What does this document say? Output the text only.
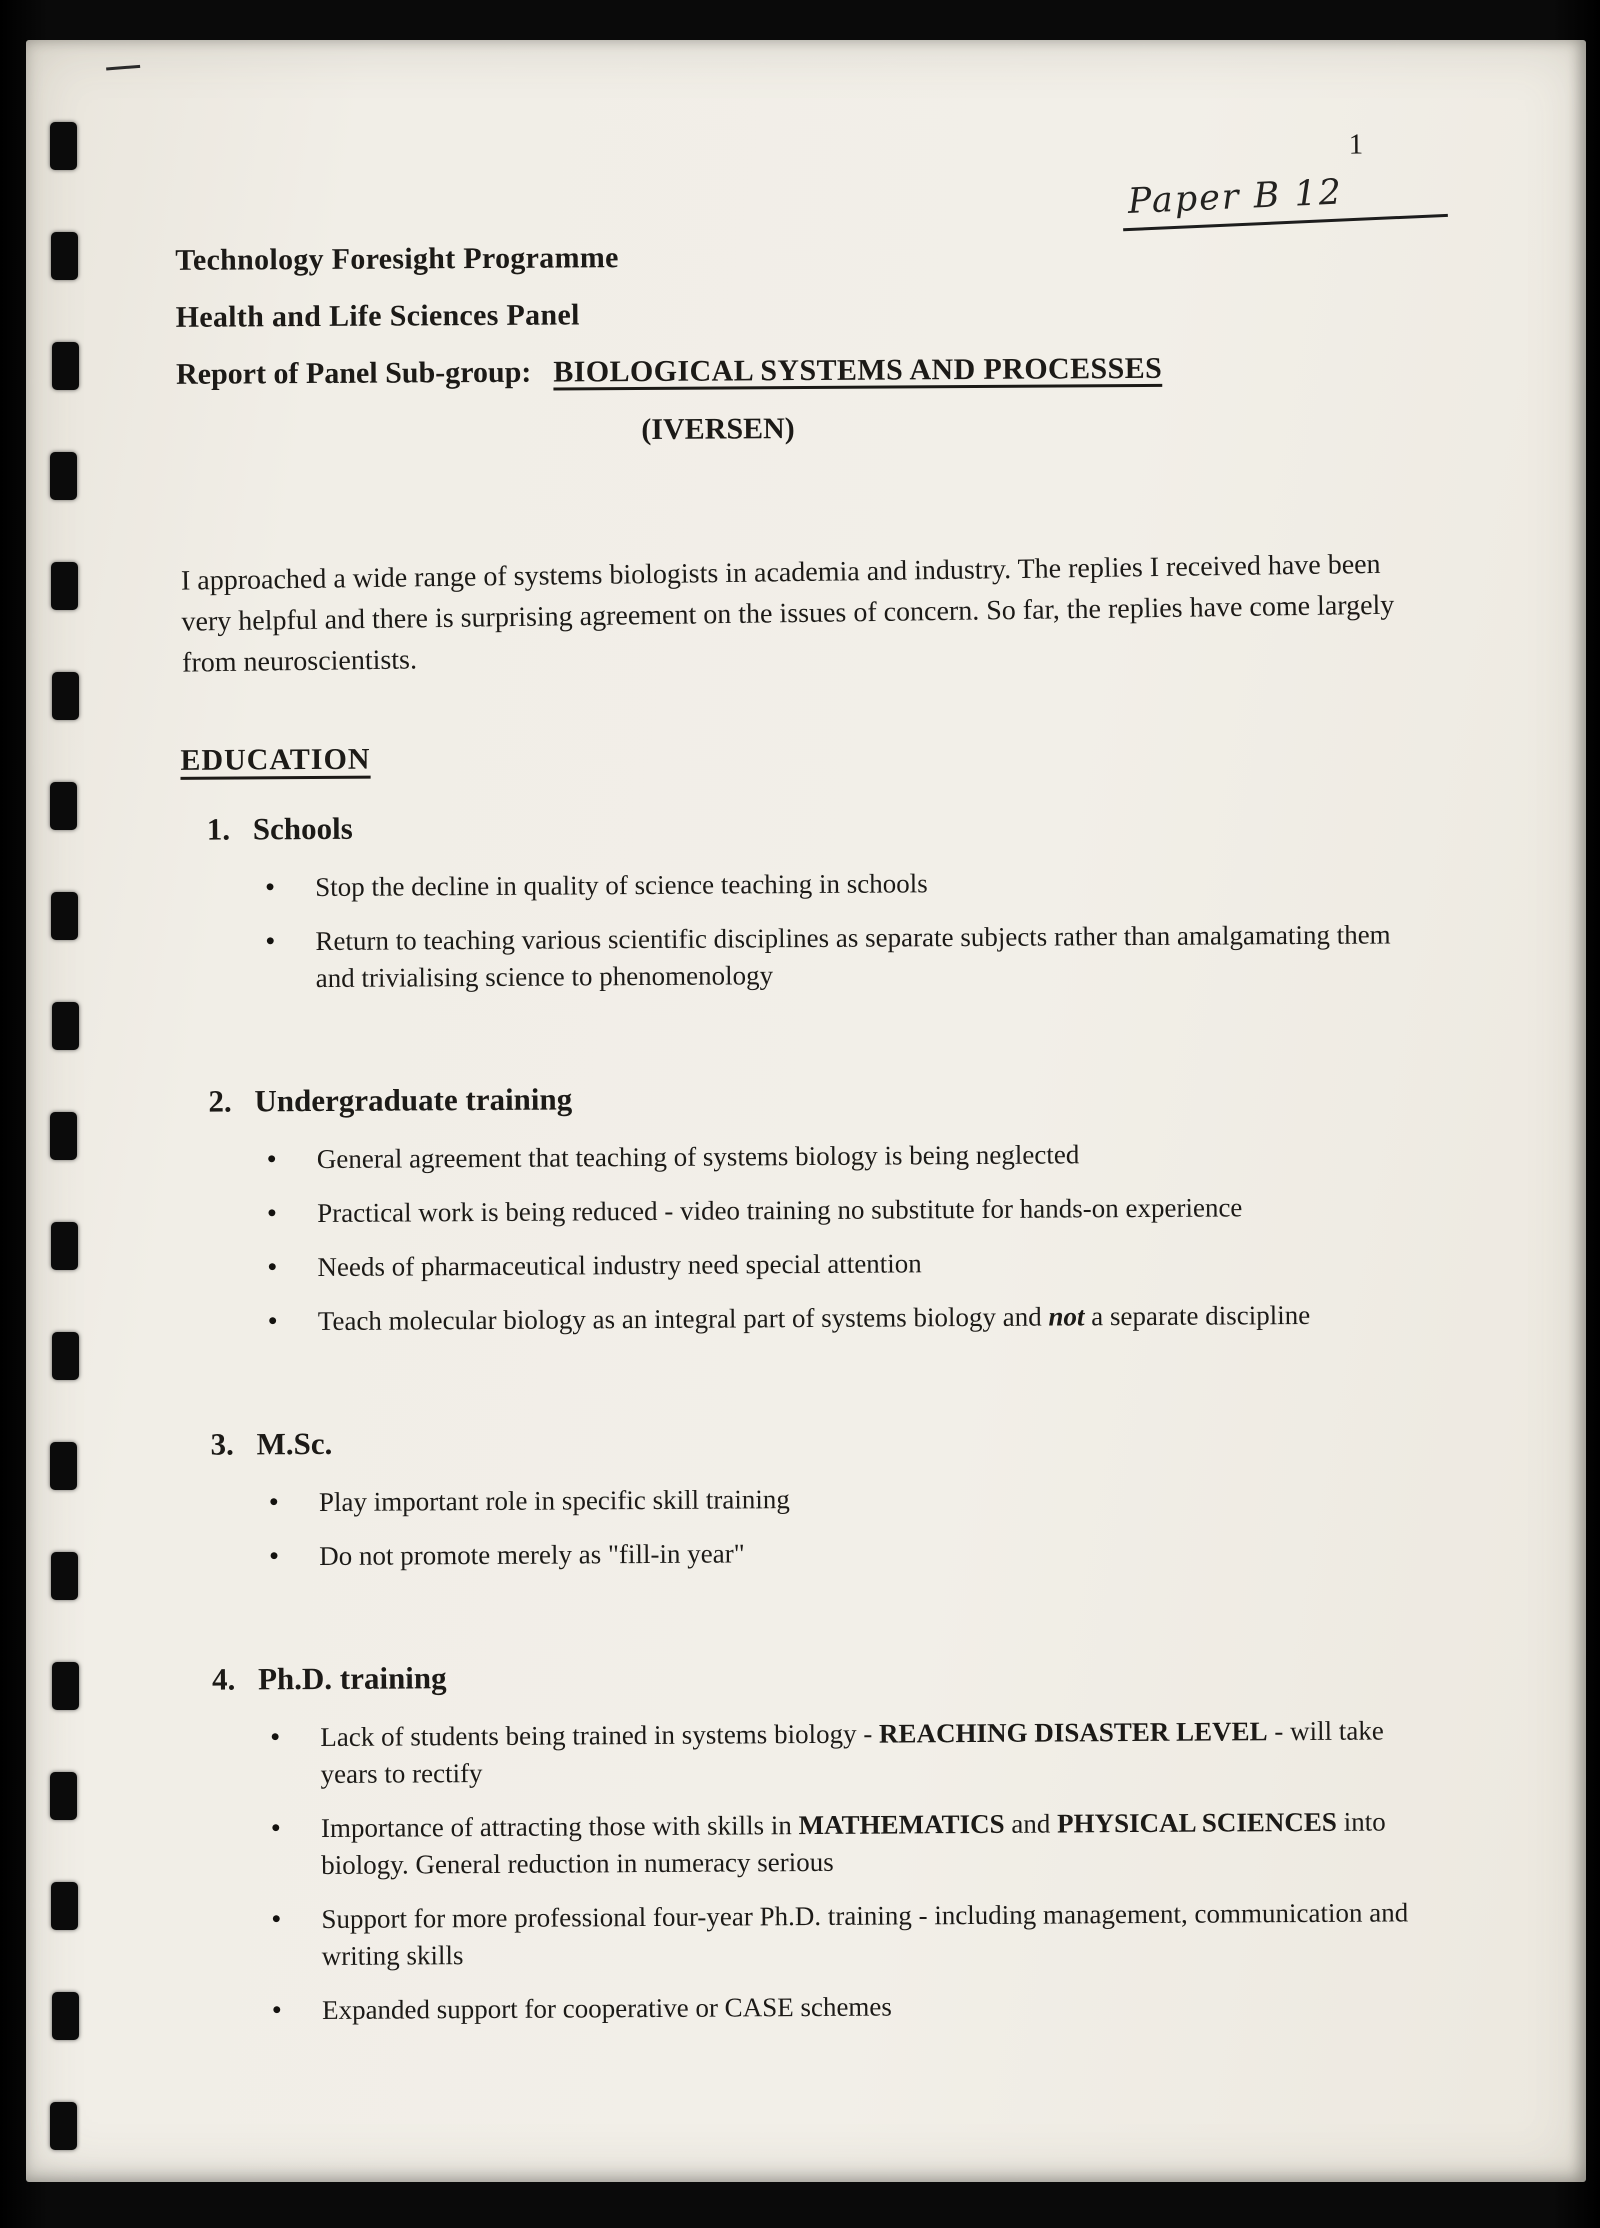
1
Paper B 12
Technology Foresight Programme
Health and Life Sciences Panel
Report of Panel Sub-group: BIOLOGICAL SYSTEMS AND PROCESSES
(IVERSEN)
I approached a wide range of systems biologists in academia and industry. The replies I received have been very helpful and there is surprising agreement on the issues of concern. So far, the replies have come largely from neuroscientists.
EDUCATION
1. Schools
●	Stop the decline in quality of science teaching in schools
●	Return to teaching various scientific disciplines as separate subjects rather than amalgamating them and trivialising science to phenomenology
2. Undergraduate training
●	General agreement that teaching of systems biology is being neglected
●	Practical work is being reduced - video training no substitute for hands-on experience
●	Needs of pharmaceutical industry need special attention
●	Teach molecular biology as an integral part of systems biology and not a separate discipline
3. M.Sc.
●	Play important role in specific skill training
●	Do not promote merely as "fill-in year"
4. Ph.D. training
●	Lack of students being trained in systems biology - REACHING DISASTER LEVEL - will take years to rectify
●	Importance of attracting those with skills in MATHEMATICS and PHYSICAL SCIENCES into biology. General reduction in numeracy serious
●	Support for more professional four-year Ph.D. training - including management, communication and writing skills
●	Expanded support for cooperative or CASE schemes
